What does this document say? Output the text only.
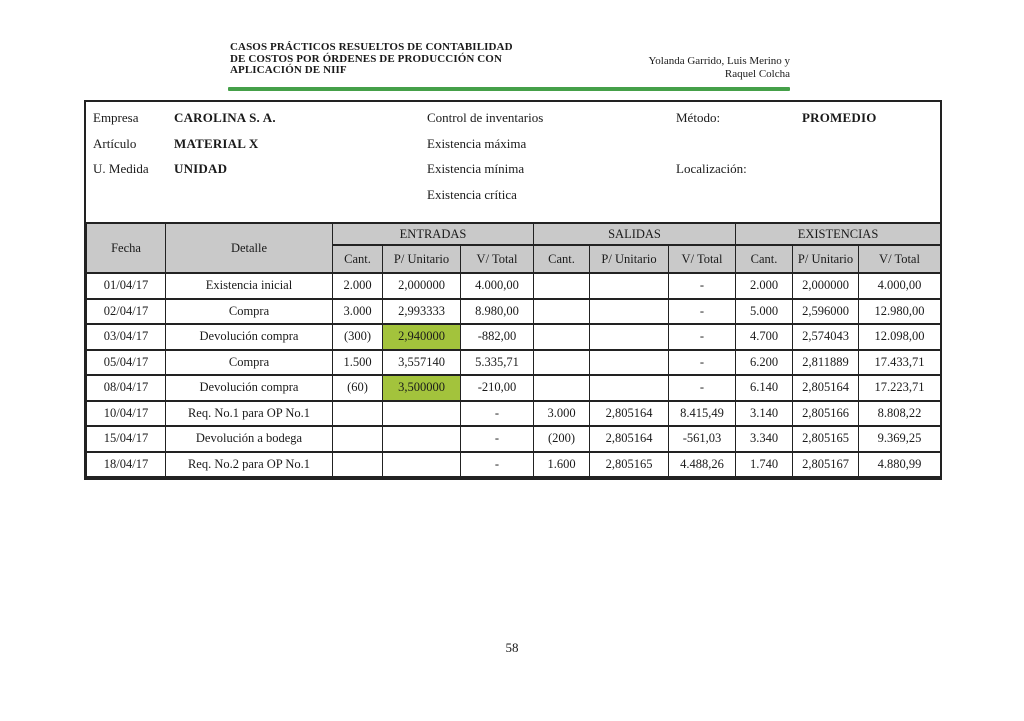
CASOS PRÁCTICOS RESUELTOS DE CONTABILIDAD
DE COSTOS POR ÓRDENES DE PRODUCCIÓN CON
APLICACIÓN DE NIIF
Yolanda Garrido, Luis Merino y
Raquel Colcha
Empresa	CAROLINA S. A.	Control de inventarios	Método:	PROMEDIO
Artículo	MATERIAL X	Existencia máxima
U. Medida UNIDAD	Existencia mínima	Localización:
Existencia crítica
Fecha	Detalle	ENTRADAS			SALIDAS			EXISTENCIAS		
		Cant.	P/ Unitario	V/ Total	Cant.	P/ Unitario	V/ Total	Cant.	P/ Unitario	V/ Total
01/04/17	Existencia inicial	2.000	2,000000	4.000,00			-	2.000	2,000000	4.000,00
02/04/17	Compra	3.000	2,993333	8.980,00			-	5.000	2,596000	12.980,00
03/04/17	Devolución compra	(300)	2,940000	-882,00			-	4.700	2,574043	12.098,00
05/04/17	Compra	1.500	3,557140	5.335,71			-	6.200	2,811889	17.433,71
08/04/17	Devolución compra	(60)	3,500000	-210,00			-	6.140	2,805164	17.223,71
10/04/17	Req. No.1 para OP No.1			-	3.000	2,805164	8.415,49	3.140	2,805166	8.808,22
15/04/17	Devolución a bodega			-	(200)	2,805164	-561,03	3.340	2,805165	9.369,25
18/04/17	Req. No.2 para OP No.1			-	1.600	2,805165	4.488,26	1.740	2,805167	4.880,99
58
